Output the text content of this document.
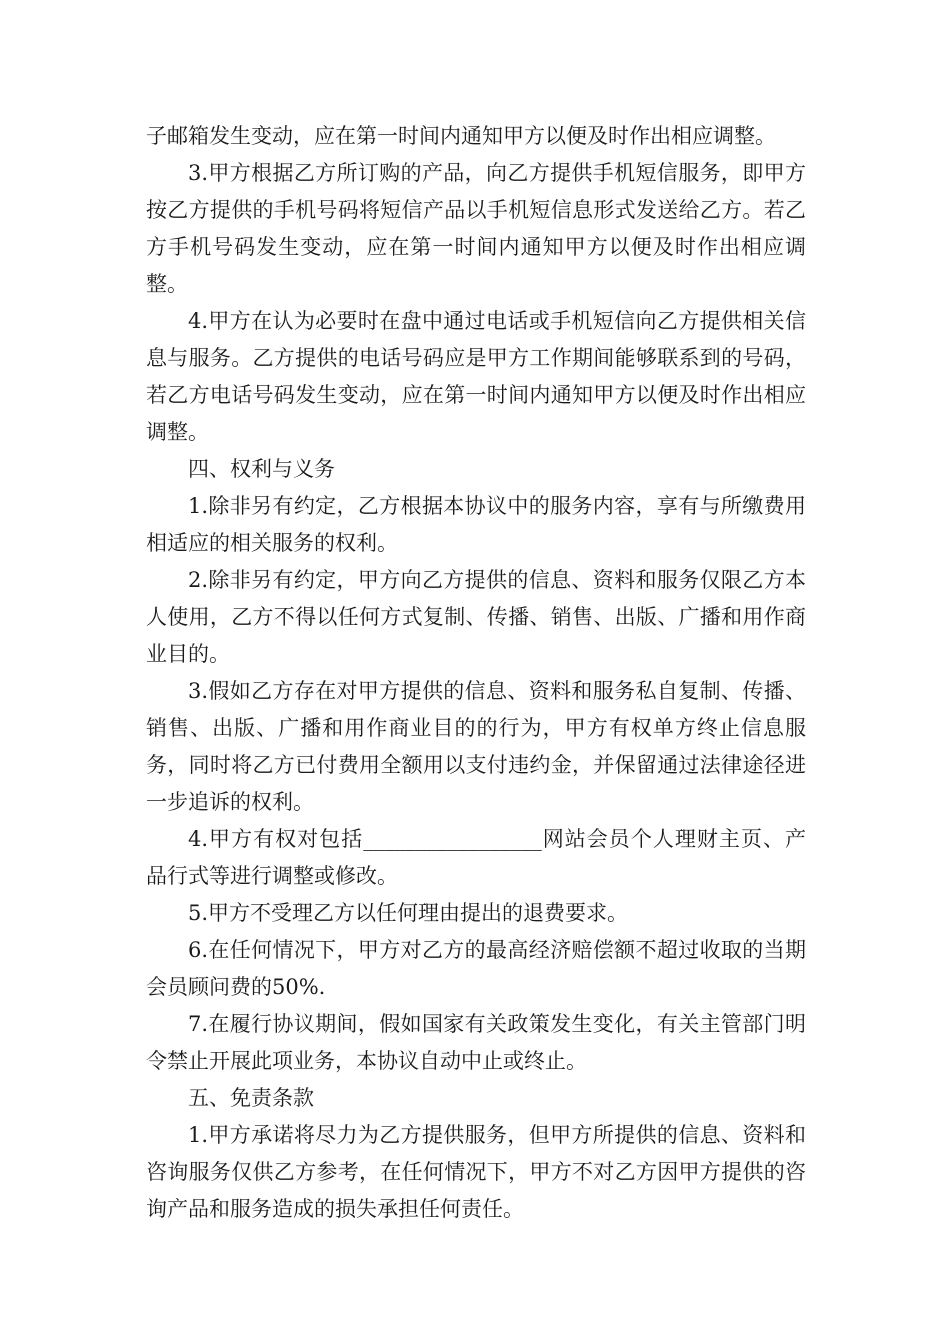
子邮箱发生变动，应在第一时间内通知甲方以便及时作出相应调整。

3.甲方根据乙方所订购的产品，向乙方提供手机短信服务，即甲方按乙方提供的手机号码将短信产品以手机短信息形式发送给乙方。若乙方手机号码发生变动，应在第一时间内通知甲方以便及时作出相应调整。

4.甲方在认为必要时在盘中通过电话或手机短信向乙方提供相关信息与服务。乙方提供的电话号码应是甲方工作期间能够联系到的号码，若乙方电话号码发生变动，应在第一时间内通知甲方以便及时作出相应调整。

四、权利与义务

1.除非另有约定，乙方根据本协议中的服务内容，享有与所缴费用相适应的相关服务的权利。

2.除非另有约定，甲方向乙方提供的信息、资料和服务仅限乙方本人使用，乙方不得以任何方式复制、传播、销售、出版、广播和用作商业目的。

3.假如乙方存在对甲方提供的信息、资料和服务私自复制、传播、销售、出版、广播和用作商业目的的行为，甲方有权单方终止信息服务，同时将乙方已付费用全额用以支付违约金，并保留通过法律途径进一步追诉的权利。

4.甲方有权对包括_________________网站会员个人理财主页、产品行式等进行调整或修改。

5.甲方不受理乙方以任何理由提出的退费要求。

6.在任何情况下，甲方对乙方的最高经济赔偿额不超过收取的当期会员顾问费的50%.

7.在履行协议期间，假如国家有关政策发生变化，有关主管部门明令禁止开展此项业务，本协议自动中止或终止。

五、免责条款

1.甲方承诺将尽力为乙方提供服务，但甲方所提供的信息、资料和咨询服务仅供乙方参考，在任何情况下，甲方不对乙方因甲方提供的咨询产品和服务造成的损失承担任何责任。
